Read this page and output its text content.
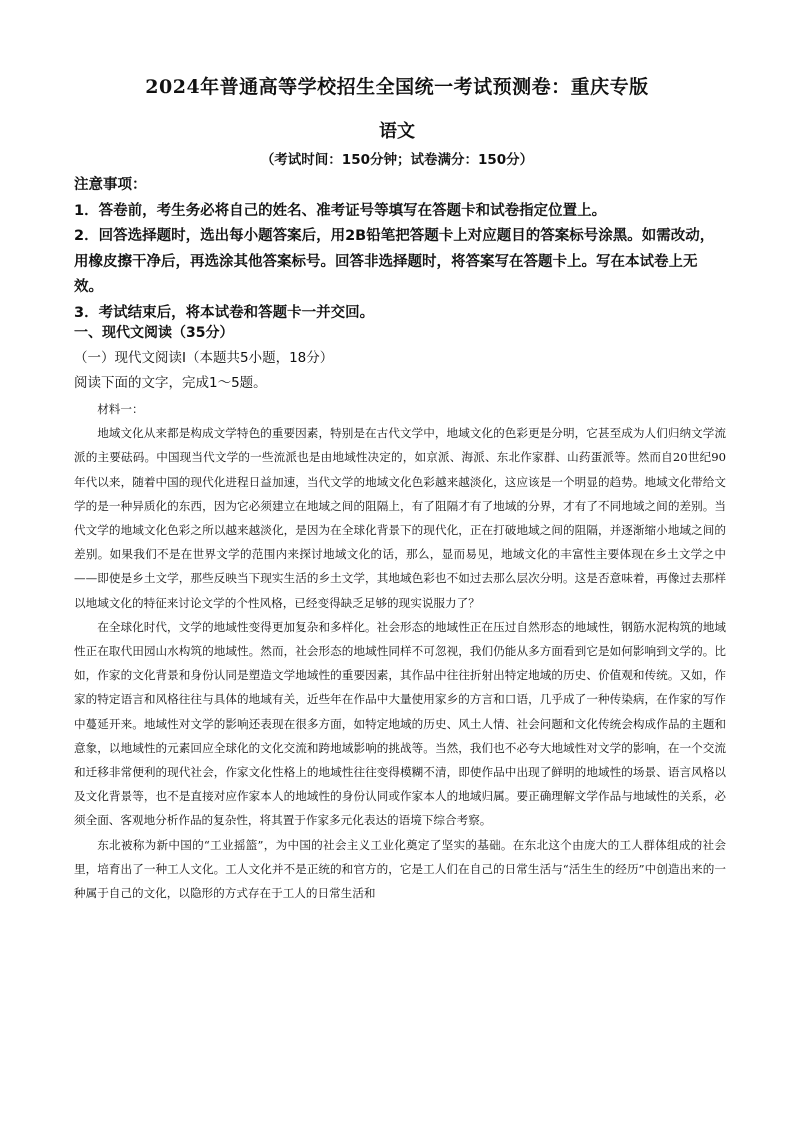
2024年普通高等学校招生全国统一考试预测卷：重庆专版
语文
（考试时间：150分钟；试卷满分：150分）

注意事项：

1．答卷前，考生务必将自己的姓名、准考证号等填写在答题卡和试卷指定位置上。

2．回答选择题时，选出每小题答案后，用2B铅笔把答题卡上对应题目的答案标号涂黑。如需改动，用橡皮擦干净后，再选涂其他答案标号。回答非选择题时，将答案写在答题卡上。写在本试卷上无效。

3．考试结束后，将本试卷和答题卡一并交回。

一、现代文阅读（35分）

（一）现代文阅读Ⅰ（本题共5小题，18分）

阅读下面的文字，完成1～5题。

材料一：

地域文化从来都是构成文学特色的重要因素，特别是在古代文学中，地域文化的色彩更是分明，它甚至成为人们归纳文学流派的主要砝码。中国现当代文学的一些流派也是由地域性决定的，如京派、海派、东北作家群、山药蛋派等。然而自20世纪90年代以来，随着中国的现代化进程日益加速，当代文学的地域文化色彩越来越淡化，这应该是一个明显的趋势。地域文化带给文学的是一种异质化的东西，因为它必须建立在地域之间的阻隔上，有了阻隔才有了地域的分界，才有了不同地域之间的差别。当代文学的地域文化色彩之所以越来越淡化，是因为在全球化背景下的现代化，正在打破地域之间的阻隔，并逐渐缩小地域之间的差别。如果我们不是在世界文学的范围内来探讨地域文化的话，那么，显而易见，地域文化的丰富性主要体现在乡土文学之中——即使是乡土文学，那些反映当下现实生活的乡土文学，其地域色彩也不如过去那么层次分明。这是否意味着，再像过去那样以地域文化的特征来讨论文学的个性风格，已经变得缺乏足够的现实说服力了？

在全球化时代，文学的地域性变得更加复杂和多样化。社会形态的地域性正在压过自然形态的地域性，钢筋水泥构筑的地域性正在取代田园山水构筑的地域性。然而，社会形态的地域性同样不可忽视，我们仍能从多方面看到它是如何影响到文学的。比如，作家的文化背景和身份认同是塑造文学地域性的重要因素，其作品中往往折射出特定地域的历史、价值观和传统。又如，作家的特定语言和风格往往与具体的地域有关，近些年在作品中大量使用家乡的方言和口语，几乎成了一种传染病，在作家的写作中蔓延开来。地域性对文学的影响还表现在很多方面，如特定地域的历史、风土人情、社会问题和文化传统会构成作品的主题和意象，以地域性的元素回应全球化的文化交流和跨地域影响的挑战等。当然，我们也不必夸大地域性对文学的影响，在一个交流和迁移非常便利的现代社会，作家文化性格上的地域性往往变得模糊不清，即使作品中出现了鲜明的地域性的场景、语言风格以及文化背景等，也不是直接对应作家本人的地域性的身份认同或作家本人的地域归属。要正确理解文学作品与地域性的关系，必须全面、客观地分析作品的复杂性，将其置于作家多元化表达的语境下综合考察。

东北被称为新中国的“工业摇篮”，为中国的社会主义工业化奠定了坚实的基础。在东北这个由庞大的工人群体组成的社会里，培育出了一种工人文化。工人文化并不是正统的和官方的，它是工人们在自己的日常生活与“活生生的经历”中创造出来的一种属于自己的文化，以隐形的方式存在于工人的日常生活和
